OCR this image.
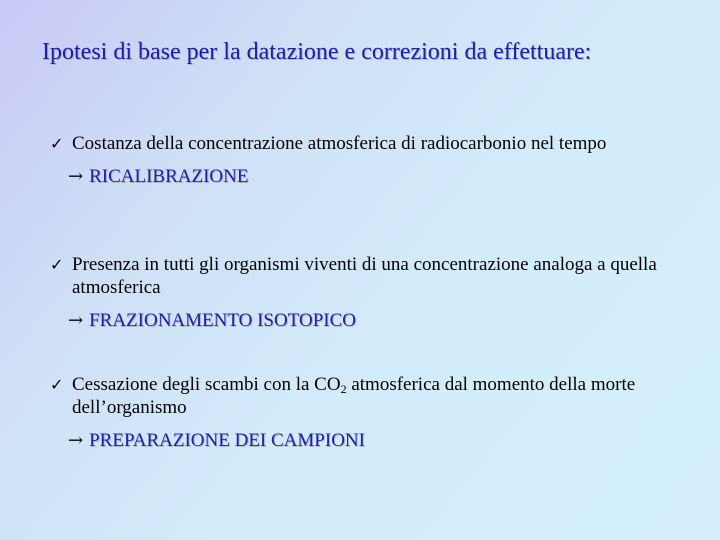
Ipotesi di base per la datazione e correzioni da effettuare:
✓ Costanza della concentrazione atmosferica di radiocarbonio nel tempo
→ RICALIBRAZIONE
✓ Presenza in tutti gli organismi viventi di una concentrazione analoga a quella atmosferica
→ FRAZIONAMENTO ISOTOPICO
✓ Cessazione degli scambi con la $CO_2$ atmosferica dal momento della morte dell’organismo
→ PREPARAZIONE DEI CAMPIONI
